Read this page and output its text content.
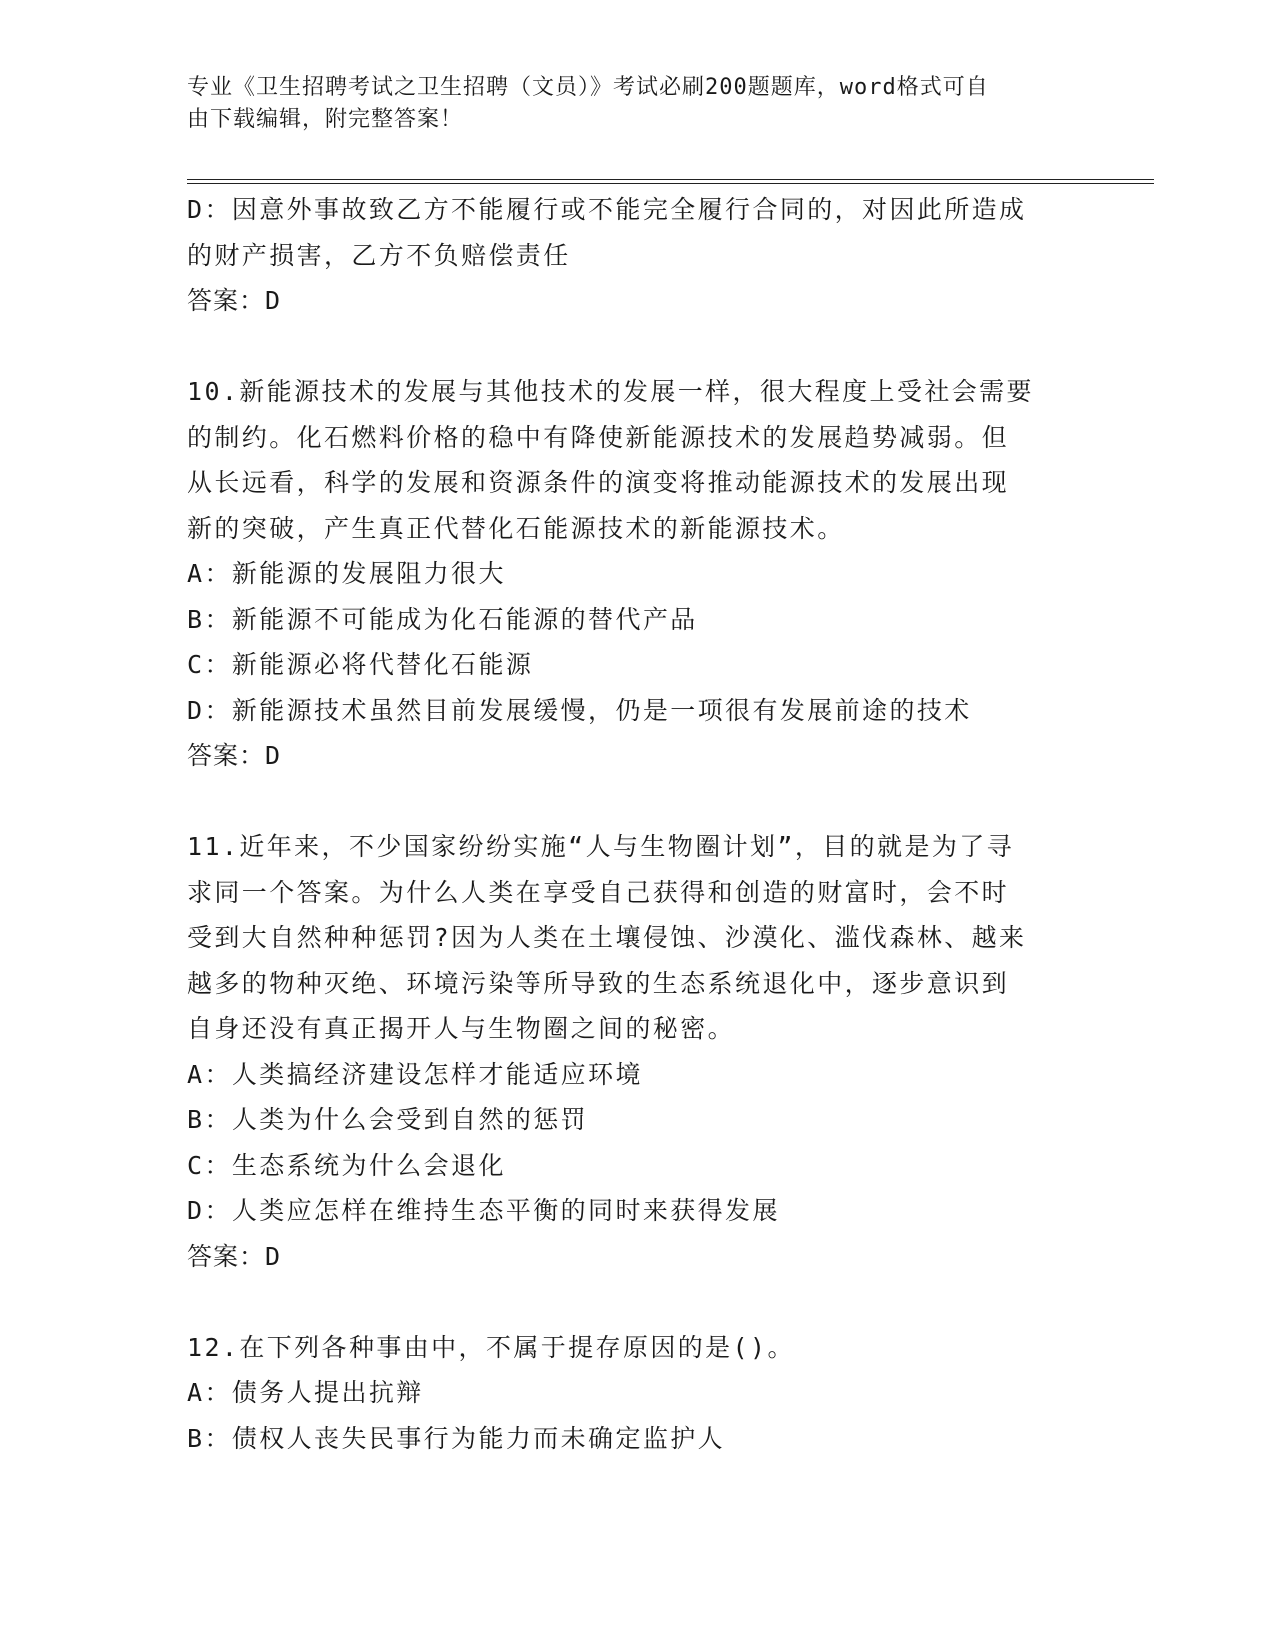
专业《卫生招聘考试之卫生招聘（文员）》考试必刷200题题库，word格式可自
由下载编辑，附完整答案！
D：因意外事故致乙方不能履行或不能完全履行合同的，对因此所造成
的财产损害，乙方不负赔偿责任
答案：D
10.新能源技术的发展与其他技术的发展一样，很大程度上受社会需要
的制约。化石燃料价格的稳中有降使新能源技术的发展趋势减弱。但
从长远看，科学的发展和资源条件的演变将推动能源技术的发展出现
新的突破，产生真正代替化石能源技术的新能源技术。
A：新能源的发展阻力很大
B：新能源不可能成为化石能源的替代产品
C：新能源必将代替化石能源
D：新能源技术虽然目前发展缓慢，仍是一项很有发展前途的技术
答案：D
11.近年来，不少国家纷纷实施“人与生物圈计划”，目的就是为了寻
求同一个答案。为什么人类在享受自己获得和创造的财富时，会不时
受到大自然种种惩罚?因为人类在土壤侵蚀、沙漠化、滥伐森林、越来
越多的物种灭绝、环境污染等所导致的生态系统退化中，逐步意识到
自身还没有真正揭开人与生物圈之间的秘密。
A：人类搞经济建设怎样才能适应环境
B：人类为什么会受到自然的惩罚
C：生态系统为什么会退化
D：人类应怎样在维持生态平衡的同时来获得发展
答案：D
12.在下列各种事由中，不属于提存原因的是()。
A：债务人提出抗辩
B：债权人丧失民事行为能力而未确定监护人
